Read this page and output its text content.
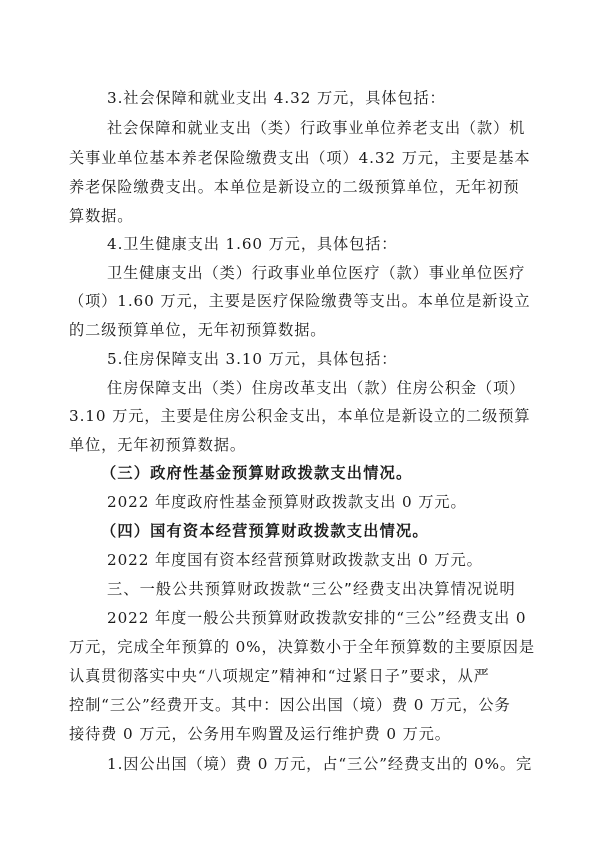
3.社会保障和就业支出 4.32 万元，具体包括：
社会保障和就业支出（类）行政事业单位养老支出（款）机
关事业单位基本养老保险缴费支出（项）4.32 万元，主要是基本
养老保险缴费支出。本单位是新设立的二级预算单位，无年初预
算数据。
4.卫生健康支出 1.60 万元，具体包括：
卫生健康支出（类）行政事业单位医疗（款）事业单位医疗
（项）1.60 万元，主要是医疗保险缴费等支出。本单位是新设立
的二级预算单位，无年初预算数据。
5.住房保障支出 3.10 万元，具体包括：
住房保障支出（类）住房改革支出（款）住房公积金（项）
3.10 万元，主要是住房公积金支出，本单位是新设立的二级预算
单位，无年初预算数据。
（三）政府性基金预算财政拨款支出情况。
2022 年度政府性基金预算财政拨款支出 0 万元。
（四）国有资本经营预算财政拨款支出情况。
2022 年度国有资本经营预算财政拨款支出 0 万元。
三、一般公共预算财政拨款“三公”经费支出决算情况说明
2022 年度一般公共预算财政拨款安排的“三公”经费支出 0
万元，完成全年预算的 0%，决算数小于全年预算数的主要原因是
认真贯彻落实中央“八项规定”精神和“过紧日子”要求，从严
控制“三公”经费开支。其中：因公出国（境）费 0 万元，公务
接待费 0 万元，公务用车购置及运行维护费 0 万元。
1.因公出国（境）费 0 万元，占“三公”经费支出的 0%。完
